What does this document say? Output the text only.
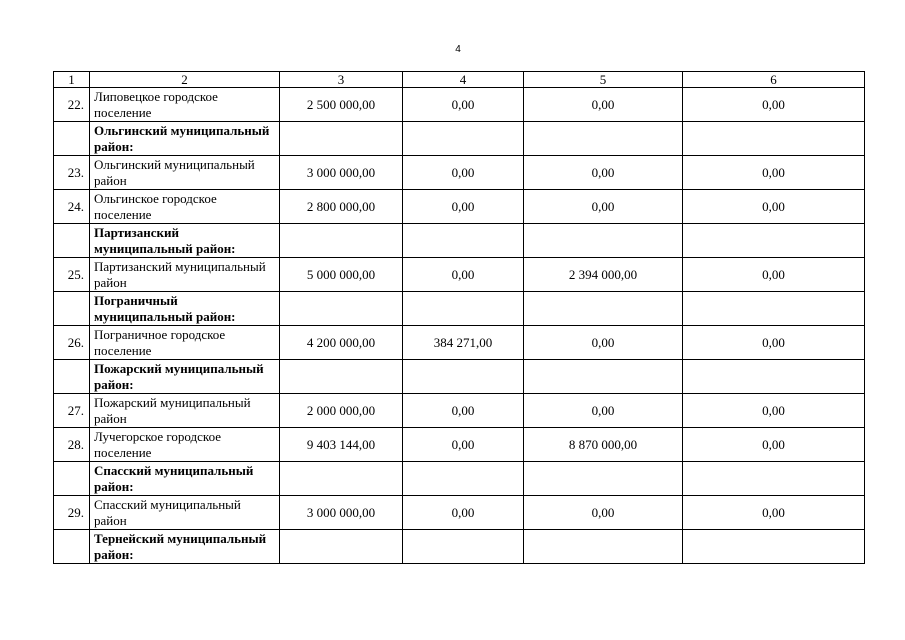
4
1	2	3	4	5	6
22.	Липовецкое городское поселение	2 500 000,00	0,00	0,00	0,00
	Ольгинский муниципальный район:				
23.	Ольгинский муниципальный район	3 000 000,00	0,00	0,00	0,00
24.	Ольгинское городское поселение	2 800 000,00	0,00	0,00	0,00
	Партизанский муниципальный район:				
25.	Партизанский муниципальный район	5 000 000,00	0,00	2 394 000,00	0,00
	Пограничный муниципальный район:				
26.	Пограничное городское поселение	4 200 000,00	384 271,00	0,00	0,00
	Пожарский муниципальный район:				
27.	Пожарский муниципальный район	2 000 000,00	0,00	0,00	0,00
28.	Лучегорское городское поселение	9 403 144,00	0,00	8 870 000,00	0,00
	Спасский муниципальный район:				
29.	Спасский муниципальный район	3 000 000,00	0,00	0,00	0,00
	Тернейский муниципальный район:				
